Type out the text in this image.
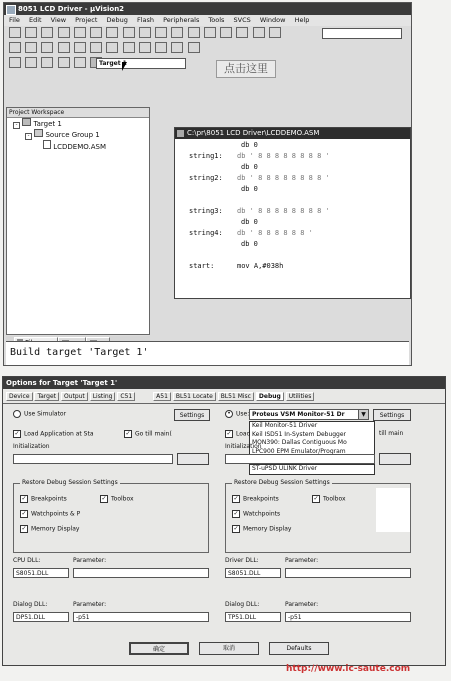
8051 LCD Driver - µVision2
File Edit View Project Debug Flash Peripherals Tools SVCS Window Help

点击这里

Target 1
Project Workspace
- Target 1
- Source Group 1
LCDDEMO.ASM
C:\pr\8051 LCD Driver\LCDDEMO.ASM
db 0
string1: db ' 8 8 8 8 8 8 8 8 '
db 0
string2: db ' 8 8 8 8 8 8 8 8 '
db 0
string3: db ' 8 8 8 8 8 8 8 8 '
db 0
string4: db ' 8 8 8 8 8 8 '
db 0
start:	mov A,#038h
Build target 'Target 1'
Options for Target 'Target 1'
Device Target Output Listing C51	A51 BL51 Locate BL51 Misc Debug Utilities
Use Simulator	Settings
✓ Load Application at Sta	✓ Go till main(
Initialization
Restore Debug Session Settings
✓ Breakpoints	✓ Toolbox
✓ Watchpoints & P
✓ Memory Display
CPU DLL:	Parameter:
S8051.DLL
Dialog DLL:	Parameter:
DP51.DLL	-p51
• Use: Proteus VSM Monitor-51 Dr	▼	Settings
Keil Monitor-51 Driver
Keil ISD51 In-System Debugger
MON390: Dallas Contiguous Mo
LPC900 EPM Emulator/Program
ST-uPSD ULINK Driver
✓ Load	till main
Initialization
Restore Debug Session Settings
✓ Breakpoints	✓ Toolbox
✓ Watchpoints
✓ Memory Display
Driver DLL:	Parameter:
S8051.DLL
Dialog DLL:	Parameter:
TP51.DLL	-p51
确定	取消	Defaults
http://www.ic-saute.com
